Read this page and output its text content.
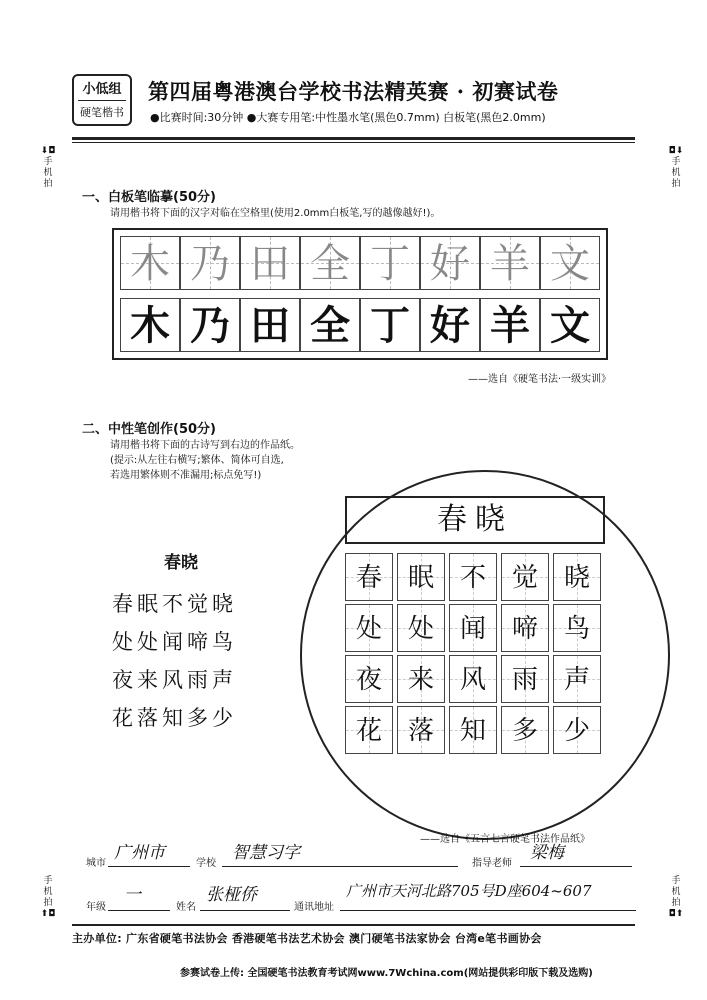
小低组
硬笔楷书
第四届粤港澳台学校书法精英赛 · 初赛试卷
●比赛时间:30分钟 ●大赛专用笔:中性墨水笔(黑色0.7mm) 白板笔(黑色2.0mm)
⬇◘
手机拍
◘⬇
手机拍
手机拍
⬆◘
手机拍
◘⬆
一、白板笔临摹(50分)
请用楷书将下面的汉字对临在空格里(使用2.0mm白板笔,写的越像越好!)。
木 乃 田 全 丁 好 羊 文
木 乃 田 全 丁 好 羊 文
——选自《硬笔书法·一级实训》
二、中性笔创作(50分)
请用楷书将下面的古诗写到右边的作品纸。
(提示:从左往右横写;繁体、简体可自选,
若选用繁体则不准漏用;标点免写!)
春晓
春眠不觉晓
处处闻啼鸟
夜来风雨声
花落知多少
春晓
春 眠 不 觉 晓
处 处 闻 啼 鸟
夜 来 风 雨 声
花 落 知 多 少
——选自《五言七言硬笔书法作品纸》
城市
广州市
学校
智慧习字
指导老师
梁梅
年级
一
姓名
张桠侨
通讯地址
广州市天河北路705号D座604~607
主办单位: 广东省硬笔书法协会 香港硬笔书法艺术协会 澳门硬笔书法家协会 台湾e笔书画协会
参赛试卷上传: 全国硬笔书法教育考试网www.7Wchina.com(网站提供彩印版下载及选购)
